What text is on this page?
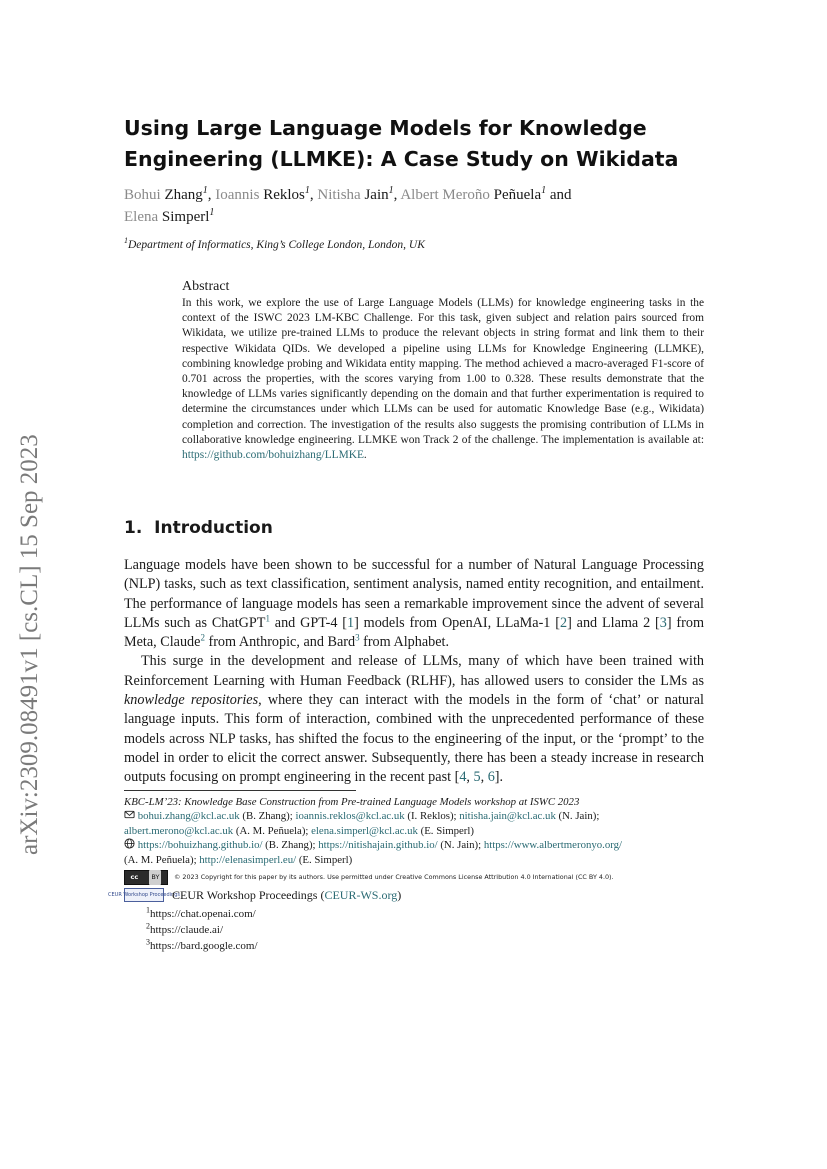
arXiv:2309.08491v1 [cs.CL] 15 Sep 2023
Using Large Language Models for Knowledge
Engineering (LLMKE): A Case Study on Wikidata
Bohui Zhang$^1$, Ioannis Reklos$^1$, Nitisha Jain$^1$, Albert Meroño Peñuela$^1$ and
Elena Simperl$^1$
$^1$Department of Informatics, King’s College London, London, UK
Abstract
In this work, we explore the use of Large Language Models (LLMs) for knowledge engineering tasks in the context of the ISWC 2023 LM-KBC Challenge. For this task, given subject and relation pairs sourced from Wikidata, we utilize pre-trained LLMs to produce the relevant objects in string format and link them to their respective Wikidata QIDs. We developed a pipeline using LLMs for Knowledge Engineering (LLMKE), combining knowledge probing and Wikidata entity mapping. The method achieved a macro-averaged F1-score of 0.701 across the properties, with the scores varying from 1.00 to 0.328. These results demonstrate that the knowledge of LLMs varies significantly depending on the domain and that further experimentation is required to determine the circumstances under which LLMs can be used for automatic Knowledge Base (e.g., Wikidata) completion and correction. The investigation of the results also suggests the promising contribution of LLMs in collaborative knowledge engineering. LLMKE won Track 2 of the challenge. The implementation is available at: https://github.com/bohuizhang/LLMKE.
1. Introduction

Language models have been shown to be successful for a number of Natural Language Processing (NLP) tasks, such as text classification, sentiment analysis, named entity recognition, and entailment. The performance of language models has seen a remarkable improvement since the advent of several LLMs such as ChatGPT$^1$ and GPT-4 [1] models from OpenAI, LLaMa-1 [2] and Llama 2 [3] from Meta, Claude$^2$ from Anthropic, and Bard$^3$ from Alphabet.

This surge in the development and release of LLMs, many of which have been trained with Reinforcement Learning with Human Feedback (RLHF), has allowed users to consider the LMs as knowledge repositories, where they can interact with the models in the form of ‘chat’ or natural language inputs. This form of interaction, combined with the unprecedented performance of these models across NLP tasks, has shifted the focus to the engineering of the input, or the ‘prompt’ to the model in order to elicit the correct answer. Subsequently, there has been a steady increase in research outputs focusing on prompt engineering in the recent past [4, 5, 6].

KBC-LM’23: Knowledge Base Construction from Pre-trained Language Models workshop at ISWC 2023
bohui.zhang@kcl.ac.uk (B. Zhang); ioannis.reklos@kcl.ac.uk (I. Reklos); nitisha.jain@kcl.ac.uk (N. Jain);
albert.merono@kcl.ac.uk (A. M. Peñuela); elena.simperl@kcl.ac.uk (E. Simperl)
https://bohuizhang.github.io/ (B. Zhang); https://nitishajain.github.io/ (N. Jain); https://www.albertmeronyo.org/
(A. M. Peñuela); http://elenasimperl.eu/ (E. Simperl)
cc	BY	© 2023 Copyright for this paper by its authors. Use permitted under Creative Commons License Attribution 4.0 International (CC BY 4.0).
CEUR Workshop Proceedings
CEUR Workshop Proceedings (CEUR-WS.org)
$^1$https://chat.openai.com/
$^2$https://claude.ai/
$^3$https://bard.google.com/
